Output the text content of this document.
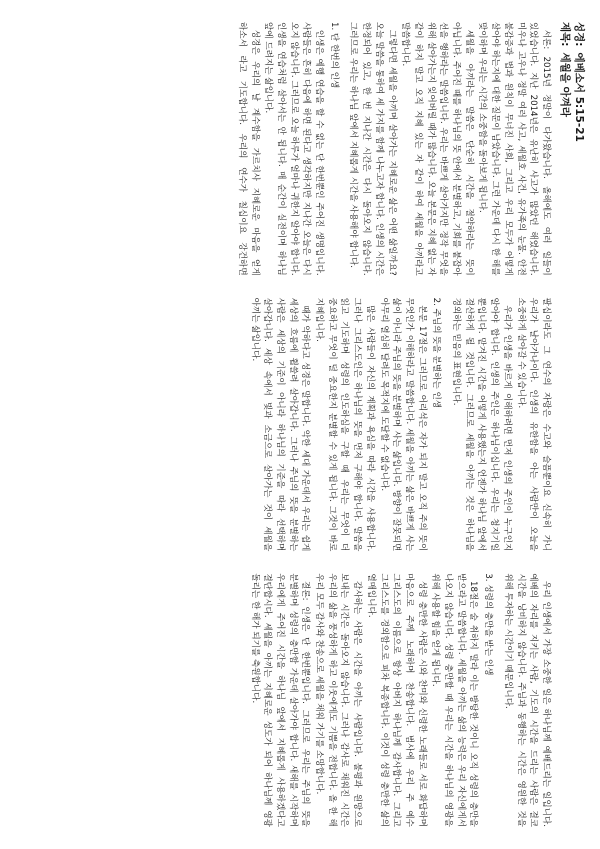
성경:에베소서 5:15-21
제목:세월을 아껴라

서론: 2015년 정말이 다가왔습니다. 올해에도 여러 일들이 있었습니다. 지난 2014년은 유난히 사고가 많았던 해였습니다. 미우나 고우나 정말 여러 사고, 세월호 사건, 유가족의 눈물. 안전 불감증과 법과 원칙이 무너진 사회, 그리고 우리 모두가 어떻게 살아야 하는지에 대한 질문이 남았습니다. 그런 가운데 다시 한 해를 맞이하며 우리는 시간의 소중함을 돌아보게 됩니다.

세월을 아끼라는 말씀은 단순히 시간을 절약하라는 뜻이 아닙니다. 주어진 때를 하나님의 뜻 안에서 분별하고, 기회를 붙잡아 선을 행하라는 말씀입니다. 우리는 바쁘게 살아가지만 정작 무엇을 위해 살아가는지 잊어버릴 때가 많습니다. 오늘 본문은 지혜 없는 자 같이 하지 말고 오직 지혜 있는 자 같이 하여 세월을 아끼라고 말씀합니다.

그렇다면 세월을 아끼며 살아가는 지혜로운 삶은 어떤 삶일까요? 오늘 말씀을 통하여 세 가지를 함께 나누고자 합니다. 인생의 시간은 한정되어 있고, 한 번 지나간 시간은 다시 돌아오지 않습니다. 그러므로 우리는 하나님 앞에서 지혜롭게 시간을 사용해야 합니다.

1. 단 한번의 인생

인생은 예행 연습을 할 수 없는 단 한번뿐인 주어진 생명입니다. 사람들은 흔히 다음에 하면 된다고 생각하지만 지나간 오늘은 다시 오지 않습니다. 그러므로 오늘 하루가 얼마나 귀한지 알아야 합니다. 인생을 연습처럼 살아서는 안 됩니다. 매 순간이 실전이며 하나님 앞에 드려지는 삶입니다.

성경은 우리의 날 계수함을 가르치사 지혜로운 마음을 얻게 하소서 라고 기도합니다. 우리의 연수가 칠십이요 강건하면 팔십이라도 그 연수의 자랑은 수고와 슬픔뿐이요 신속히 가니 우리가 날아가나이다. 인생의 유한함을 아는 사람만이 오늘을 소중하게 살아갈 수 있습니다.

우리가 인생을 바르게 이해하려면 먼저 인생의 주인이 누구인지 알아야 합니다. 인생의 주인은 하나님이십니다. 우리는 청지기일 뿐입니다. 맡겨진 시간을 어떻게 사용했는지 언젠가 하나님 앞에서 결산하게 될 것입니다. 그러므로 세월을 아끼는 것은 하나님을 경외하는 믿음의 표현입니다.

2. 주님의 뜻을 분별하는 인생

본문 17절은 그러므로 어리석은 자가 되지 말고 오직 주의 뜻이 무엇인가 이해하라고 말씀합니다. 세월을 아끼는 삶은 바쁘게 사는 삶이 아니라 주님의 뜻을 분별하며 사는 삶입니다. 방향이 잘못되면 아무리 열심히 달려도 목적지에 도달할 수 없습니다.

많은 사람들이 자신의 계획과 욕심을 따라 시간을 사용합니다. 그러나 그리스도인은 하나님의 뜻을 먼저 구해야 합니다. 말씀을 읽고 기도하며 성령의 인도하심을 구할 때 우리는 무엇이 더 중요하고 무엇이 덜 중요한지 분별할 수 있게 됩니다. 그것이 바로 지혜입니다.

때가 악하다고 성경은 말합니다. 악한 세대 가운데서 우리는 쉽게 세상의 흐름에 휩쓸려 살아갑니다. 그러나 주님의 뜻을 분별하는 사람은 세상의 기준이 아니라 하나님의 기준을 따라 선택하며 살아갑니다. 세상 속에서 빛과 소금으로 살아가는 것이 세월을 아끼는 삶입니다.

우리 인생에서 가장 소중한 일은 하나님께 예배드리는 일입니다. 예배의 자리를 지키는 사람, 기도의 시간을 드리는 사람은 결코 시간을 낭비하지 않습니다. 주님과 동행하는 시간은 영원한 것을 위해 투자하는 시간이기 때문입니다.

3. 성령의 충만을 받는 인생

18절은 술 취하지 말라 이는 방탕한 것이니 오직 성령의 충만을 받으라고 말씀합니다. 세월을 아끼는 삶의 능력은 우리 자신에게서 나오지 않습니다. 성령 충만할 때 우리는 시간을 하나님의 영광을 위해 사용할 힘을 얻게 됩니다.

성령 충만한 사람은 시와 찬미와 신령한 노래들로 서로 화답하며 마음으로 주께 노래하며 찬송합니다. 범사에 우리 주 예수 그리스도의 이름으로 항상 아버지 하나님께 감사합니다. 그리고 그리스도를 경외함으로 피차 복종합니다. 이것이 성령 충만한 삶의 열매입니다.

감사하는 사람은 시간을 아끼는 사람입니다. 불평과 원망으로 보내는 시간은 돌아오지 않습니다. 그러나 감사로 채워진 시간은 우리의 삶을 풍성하게 하고 이웃에게도 기쁨을 전합니다. 올 한 해 우리 모두 감사와 찬송으로 세월을 채워 가기를 소망합니다.

결론: 인생은 단 한번뿐입니다. 그러므로 우리는 주님의 뜻을 분별하며 성령의 충만함 가운데 살아가야 합니다. 새해를 시작하며 우리에게 주어진 시간을 하나님 앞에서 지혜롭게 사용하겠다고 결단합시다. 세월을 아끼는 지혜로운 성도가 되어 하나님께 영광 돌리는 한 해가 되기를 축원합니다.
